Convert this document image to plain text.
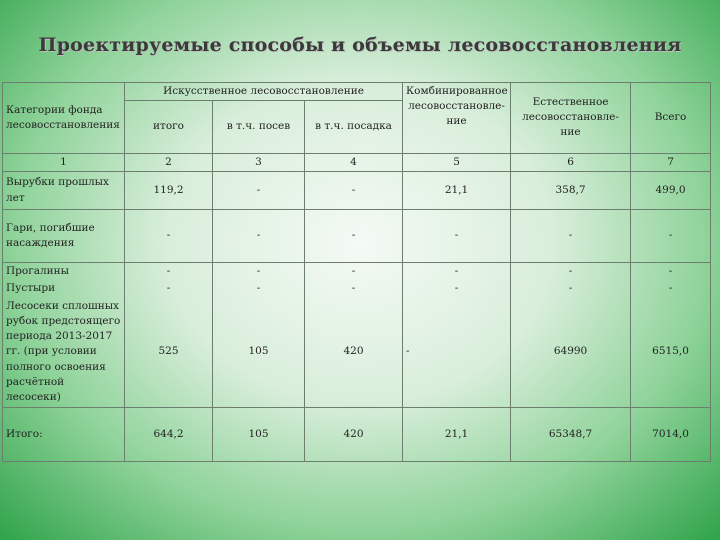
Проектируемые способы и объемы лесовосстановления
Категории фонда лесовосстановления	Искусственное лесовосстановление			Комбинированное лесовосстановле-ние	Естественное лесовосстановле-ние	Всего
	итого	в т.ч. посев	в т.ч. посадка			
1	2	3	4	5	6	7
Вырубки прошлых лет	119,2	-	-	21,1	358,7	499,0
Гари, погибшие насаждения	-	-	-	-	-	-
Прогалины	-	-	-	-	-	-
Пустыри	-	-	-	-	-	-
Лесосеки сплошных рубок предстоящего периода 2013-2017 гг. (при условии полного освоения расчётной лесосеки)	525	105	420	-	64990	6515,0
Итого:	644,2	105	420	21,1	65348,7	7014,0
